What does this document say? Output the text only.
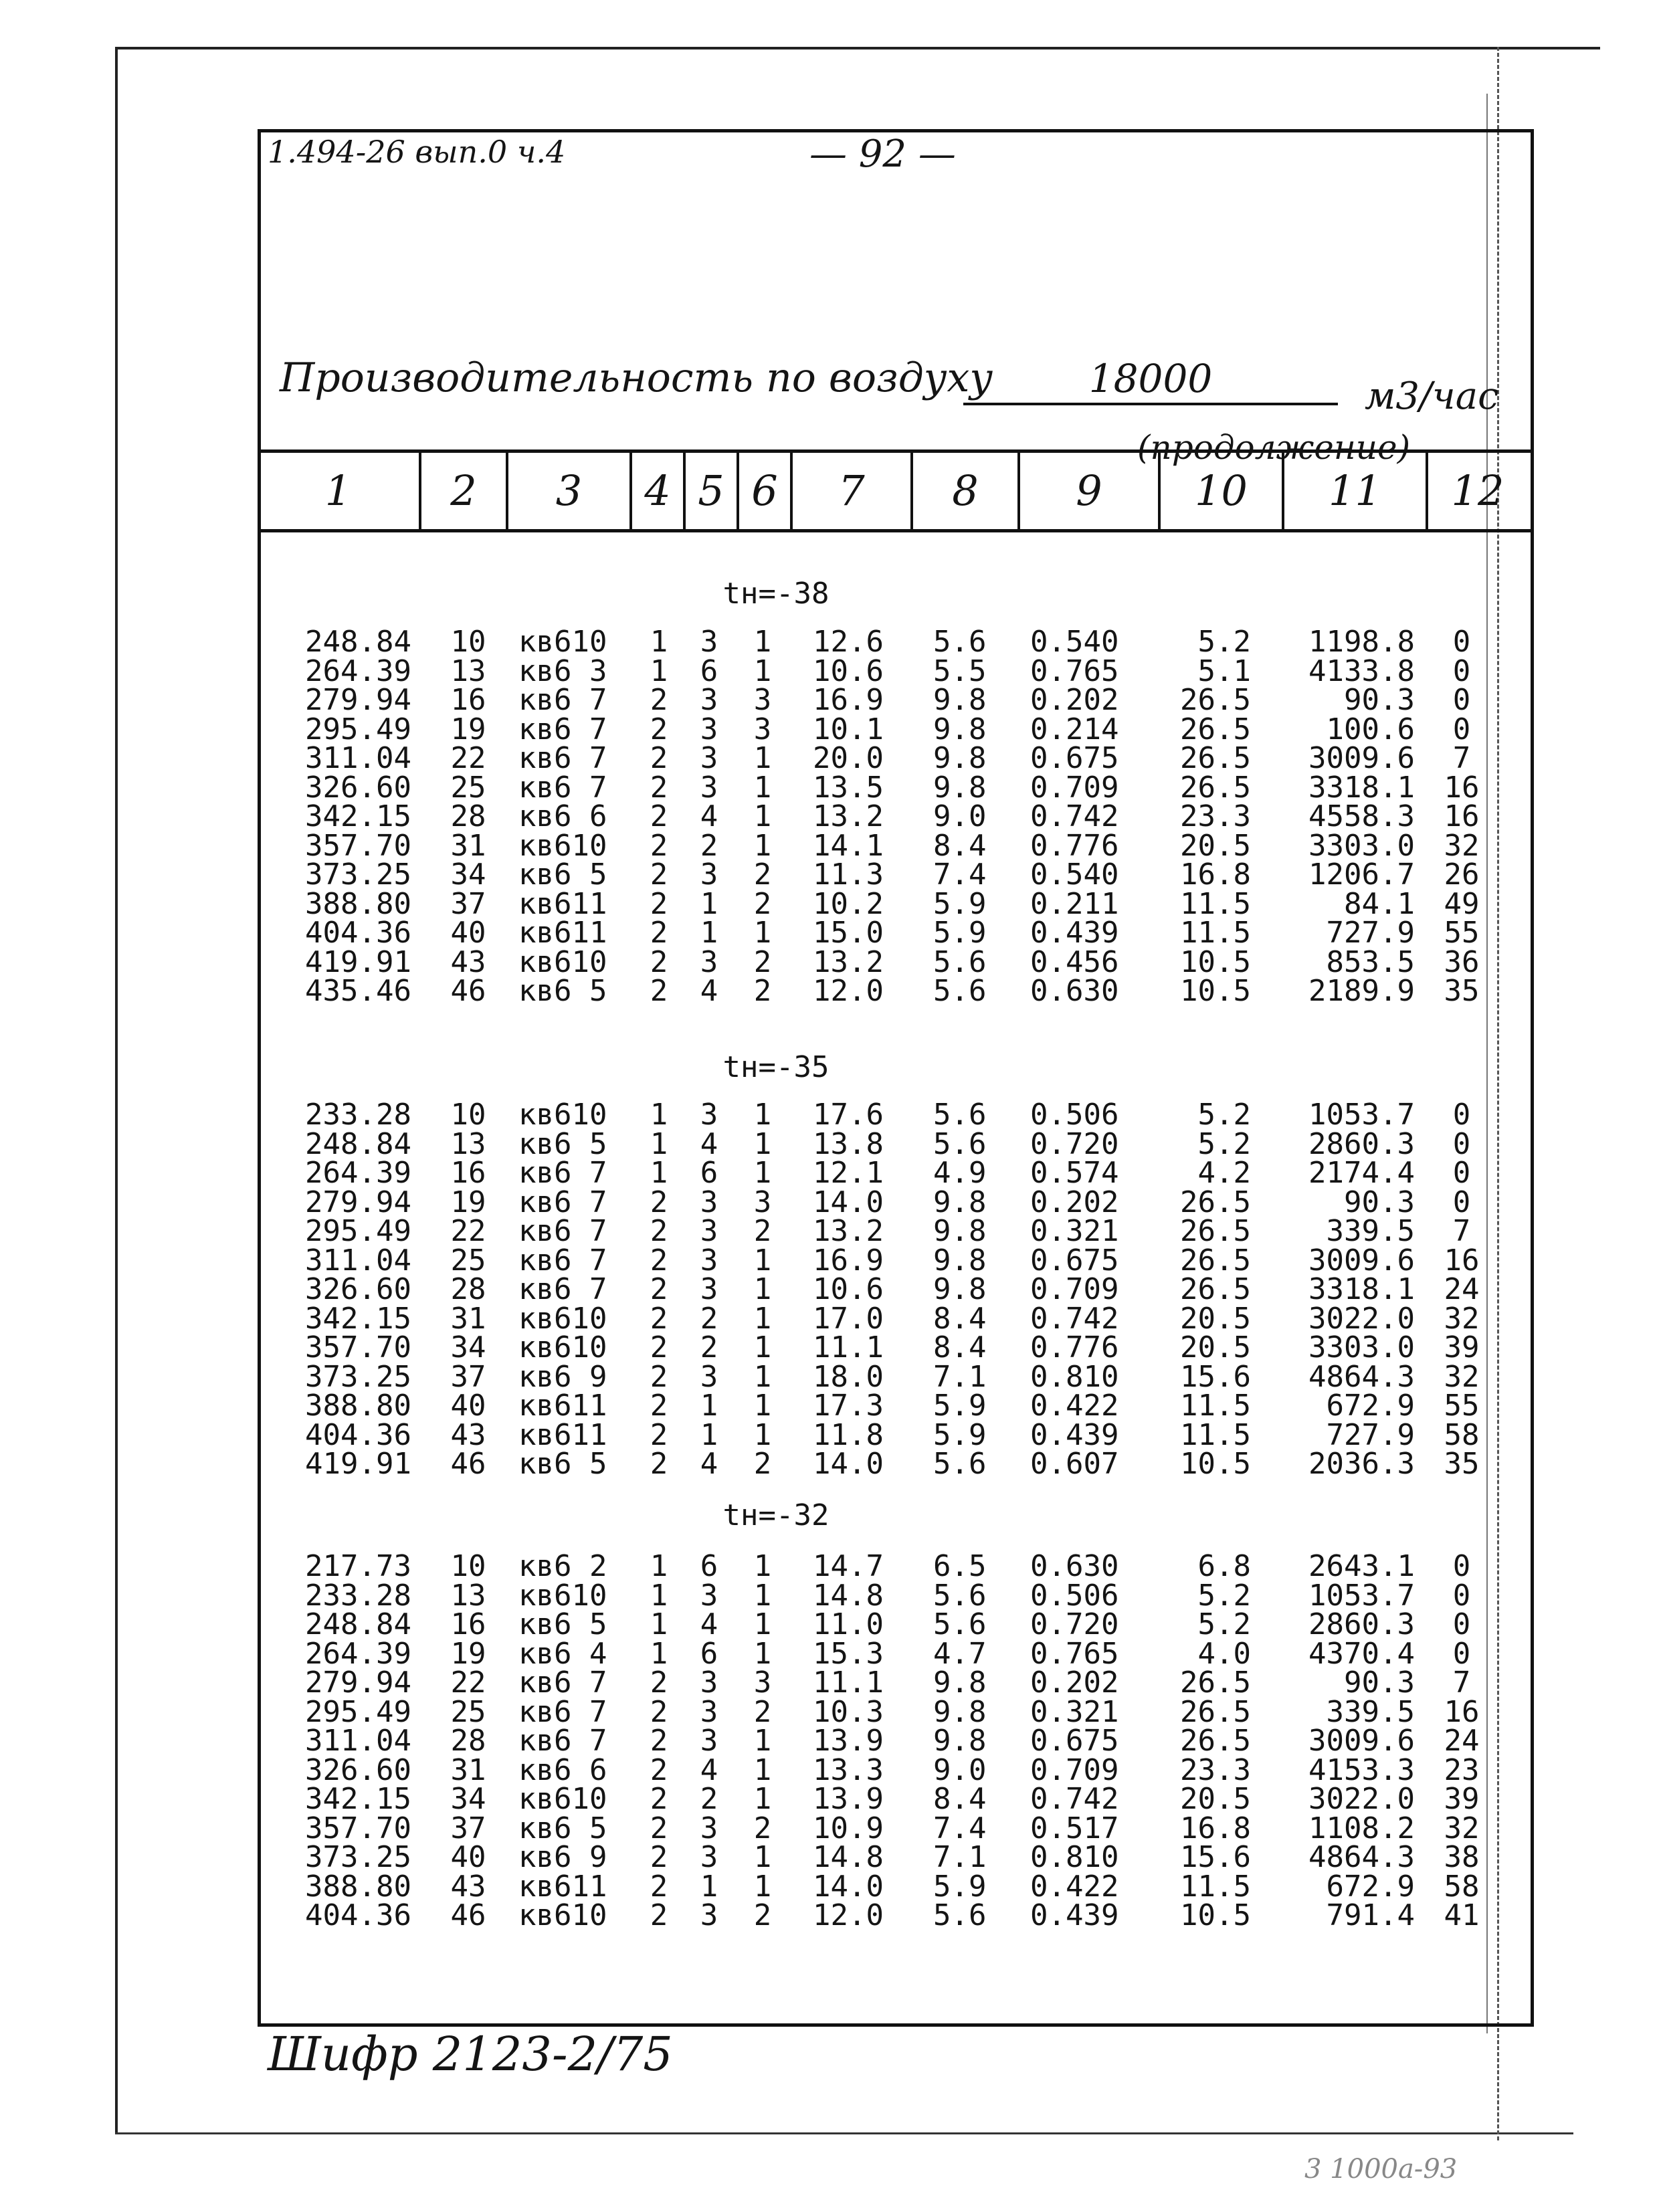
1.494-26 вып.0 ч.4	— 92 —
Производительность по воздуху	18000	м3/час
(продолжение)
1	2	3	4 5 6	7	8	9	10	11	12
tн=-38
248.84	10	кв610	1	3	1	12.6	5.6	0.540	5.2	1198.8	0
264.39	13	кв6 3	1	6	1	10.6	5.5	0.765	5.1	4133.8	0
279.94	16	кв6 7	2	3	3	16.9	9.8	0.202	26.5	90.3	0
295.49	19	кв6 7	2	3	3	10.1	9.8	0.214	26.5	100.6	0
311.04	22	кв6 7	2	3	1	20.0	9.8	0.675	26.5	3009.6	7
326.60	25	кв6 7	2	3	1	13.5	9.8	0.709	26.5	3318.1 16
342.15	28	кв6 6	2	4	1	13.2	9.0	0.742	23.3	4558.3 16
357.70	31	кв610	2	2	1	14.1	8.4	0.776	20.5	3303.0 32
373.25	34	кв6 5	2	3	2	11.3	7.4	0.540	16.8	1206.7 26
388.80	37	кв611	2	1	2	10.2	5.9	0.211	11.5	84.1 49
404.36	40	кв611	2	1	1	15.0	5.9	0.439	11.5	727.9 55
419.91	43	кв610	2	3	2	13.2	5.6	0.456	10.5	853.5 36
435.46	46	кв6 5	2	4	2	12.0	5.6	0.630	10.5	2189.9 35
tн=-35
233.28	10	кв610	1	3	1	17.6	5.6	0.506	5.2	1053.7	0
248.84	13	кв6 5	1	4	1	13.8	5.6	0.720	5.2	2860.3	0
264.39	16	кв6 7	1	6	1	12.1	4.9	0.574	4.2	2174.4	0
279.94	19	кв6 7	2	3	3	14.0	9.8	0.202	26.5	90.3	0
295.49	22	кв6 7	2	3	2	13.2	9.8	0.321	26.5	339.5	7
311.04	25	кв6 7	2	3	1	16.9	9.8	0.675	26.5	3009.6 16
326.60	28	кв6 7	2	3	1	10.6	9.8	0.709	26.5	3318.1 24
342.15	31	кв610	2	2	1	17.0	8.4	0.742	20.5	3022.0 32
357.70	34	кв610	2	2	1	11.1	8.4	0.776	20.5	3303.0 39
373.25	37	кв6 9	2	3	1	18.0	7.1	0.810	15.6	4864.3 32
388.80	40	кв611	2	1	1	17.3	5.9	0.422	11.5	672.9 55
404.36	43	кв611	2	1	1	11.8	5.9	0.439	11.5	727.9 58
419.91	46	кв6 5	2	4	2	14.0	5.6	0.607	10.5	2036.3 35
tн=-32
217.73	10	кв6 2	1	6	1	14.7	6.5	0.630	6.8	2643.1	0
233.28	13	кв610	1	3	1	14.8	5.6	0.506	5.2	1053.7	0
248.84	16	кв6 5	1	4	1	11.0	5.6	0.720	5.2	2860.3	0
264.39	19	кв6 4	1	6	1	15.3	4.7	0.765	4.0	4370.4	0
279.94	22	кв6 7	2	3	3	11.1	9.8	0.202	26.5	90.3	7
295.49	25	кв6 7	2	3	2	10.3	9.8	0.321	26.5	339.5 16
311.04	28	кв6 7	2	3	1	13.9	9.8	0.675	26.5	3009.6 24
326.60	31	кв6 6	2	4	1	13.3	9.0	0.709	23.3	4153.3 23
342.15	34	кв610	2	2	1	13.9	8.4	0.742	20.5	3022.0 39
357.70	37	кв6 5	2	3	2	10.9	7.4	0.517	16.8	1108.2 32
373.25	40	кв6 9	2	3	1	14.8	7.1	0.810	15.6	4864.3 38
388.80	43	кв611	2	1	1	14.0	5.9	0.422	11.5	672.9 58
404.36	46	кв610	2	3	2	12.0	5.6	0.439	10.5	791.4 41
Шифр 2123-2/75
3 1000а-93
